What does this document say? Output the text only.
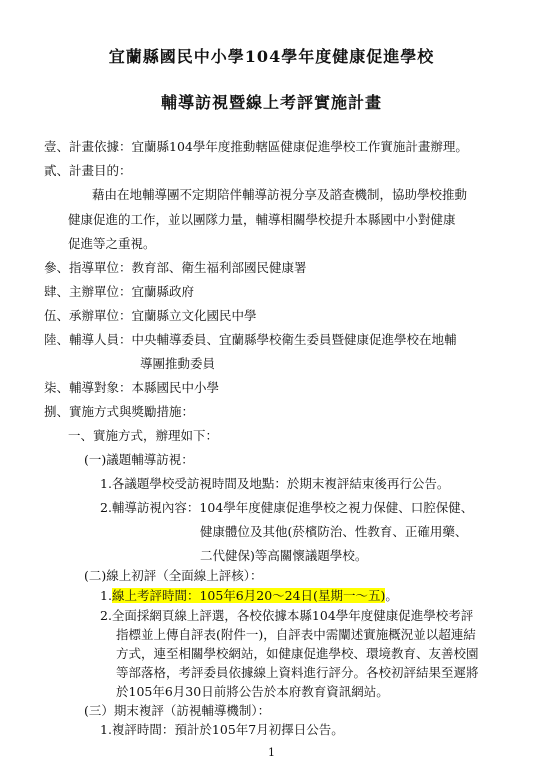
宜蘭縣國民中小學104學年度健康促進學校
輔導訪視暨線上考評實施計畫
壹、計畫依據：宜蘭縣104學年度推動轄區健康促進學校工作實施計畫辦理。
貳、計畫目的：
藉由在地輔導團不定期陪伴輔導訪視分享及諮查機制，協助學校推動
健康促進的工作，並以團隊力量，輔導相關學校提升本縣國中小對健康
促進等之重視。
參、指導單位：教育部、衛生福利部國民健康署
肆、主辦單位：宜蘭縣政府
伍、承辦單位：宜蘭縣立文化國民中學
陸、輔導人員：中央輔導委員、宜蘭縣學校衛生委員暨健康促進學校在地輔
導團推動委員
柒、輔導對象：本縣國民中小學
捌、實施方式與獎勵措施：
一、實施方式，辦理如下：
(一)議題輔導訪視：
1.各議題學校受訪視時間及地點：於期末複評結束後再行公告。
2.輔導訪視內容：104學年度健康促進學校之視力保健、口腔保健、
健康體位及其他(菸檳防治、性教育、正確用藥、
二代健保)等高關懷議題學校。
(二)線上初評（全面線上評核）：
1.線上考評時間：105年6月20～24日(星期一～五)。
2.全面採網頁線上評選，各校依據本縣104學年度健康促進學校考評
指標並上傳自評表(附件一)，自評表中需闡述實施概況並以超連結
方式，連至相關學校網站，如健康促進學校、環境教育、友善校園
等部落格，考評委員依據線上資料進行評分。各校初評結果至遲將
於105年6月30日前將公告於本府教育資訊網站。
1
(三）期末複評（訪視輔導機制）：
1.複評時間：預計於105年7月初擇日公告。
